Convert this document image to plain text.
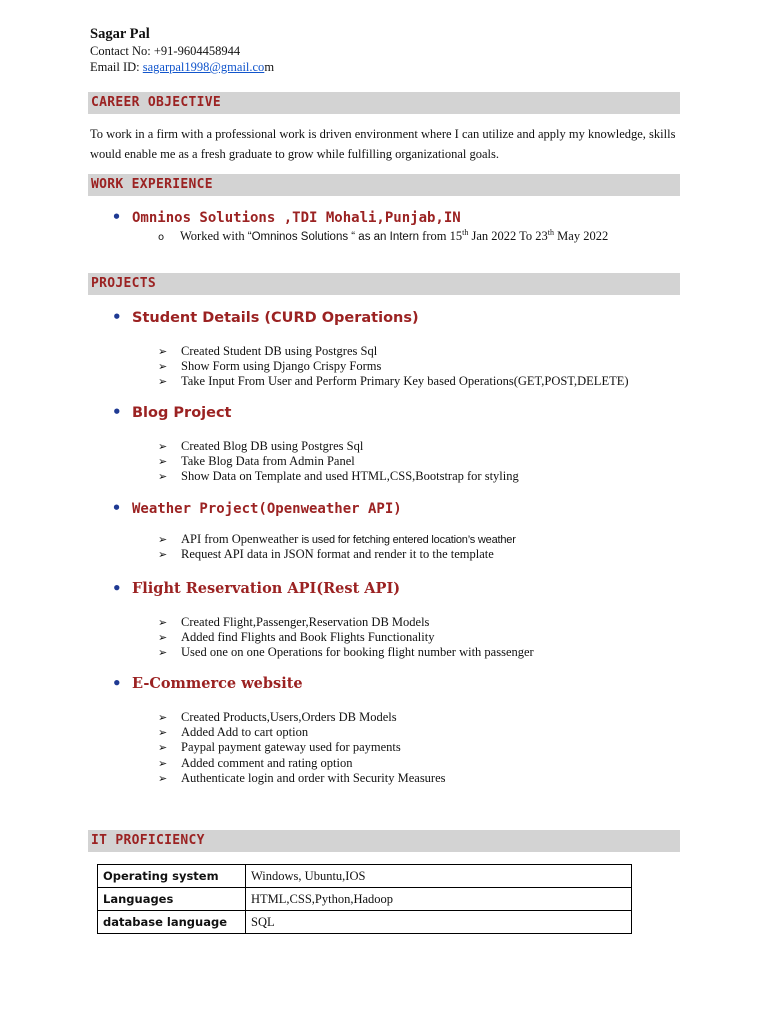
Sagar Pal
Contact No: +91-9604458944
Email ID: sagarpal1998@gmail.com
CAREER OBJECTIVE
To work in a firm with a professional work is driven environment where I can utilize and apply my knowledge, skills would enable me as a fresh graduate to grow while fulfilling organizational goals.
WORK EXPERIENCE
• Omninos Solutions ,TDI Mohali,Punjab,IN
o Worked with “Omninos Solutions “ as an Intern from 15th Jan 2022 To 23th May 2022
PROJECTS
• Student Details (CURD Operations)
➢ Created Student DB using Postgres Sql
➢ Show Form using Django Crispy Forms
➢ Take Input From User and Perform Primary Key based Operations(GET,POST,DELETE)
• Blog Project
➢ Created Blog DB using Postgres Sql
➢ Take Blog Data from Admin Panel
➢ Show Data on Template and used HTML,CSS,Bootstrap for styling
• Weather Project(Openweather API)
➢ API from Openweather is used for fetching entered location’s weather
➢ Request API data in JSON format and render it to the template
• Flight Reservation API(Rest API)
➢ Created Flight,Passenger,Reservation DB Models
➢ Added find Flights and Book Flights Functionality
➢ Used one on one Operations for booking flight number with passenger
• E-Commerce website
➢ Created Products,Users,Orders DB Models
➢ Added Add to cart option
➢ Paypal payment gateway used for payments
➢ Added comment and rating option
➢ Authenticate login and order with Security Measures
IT PROFICIENCY
Operating system	Windows, Ubuntu,IOS
Languages	HTML,CSS,Python,Hadoop
database language	SQL
